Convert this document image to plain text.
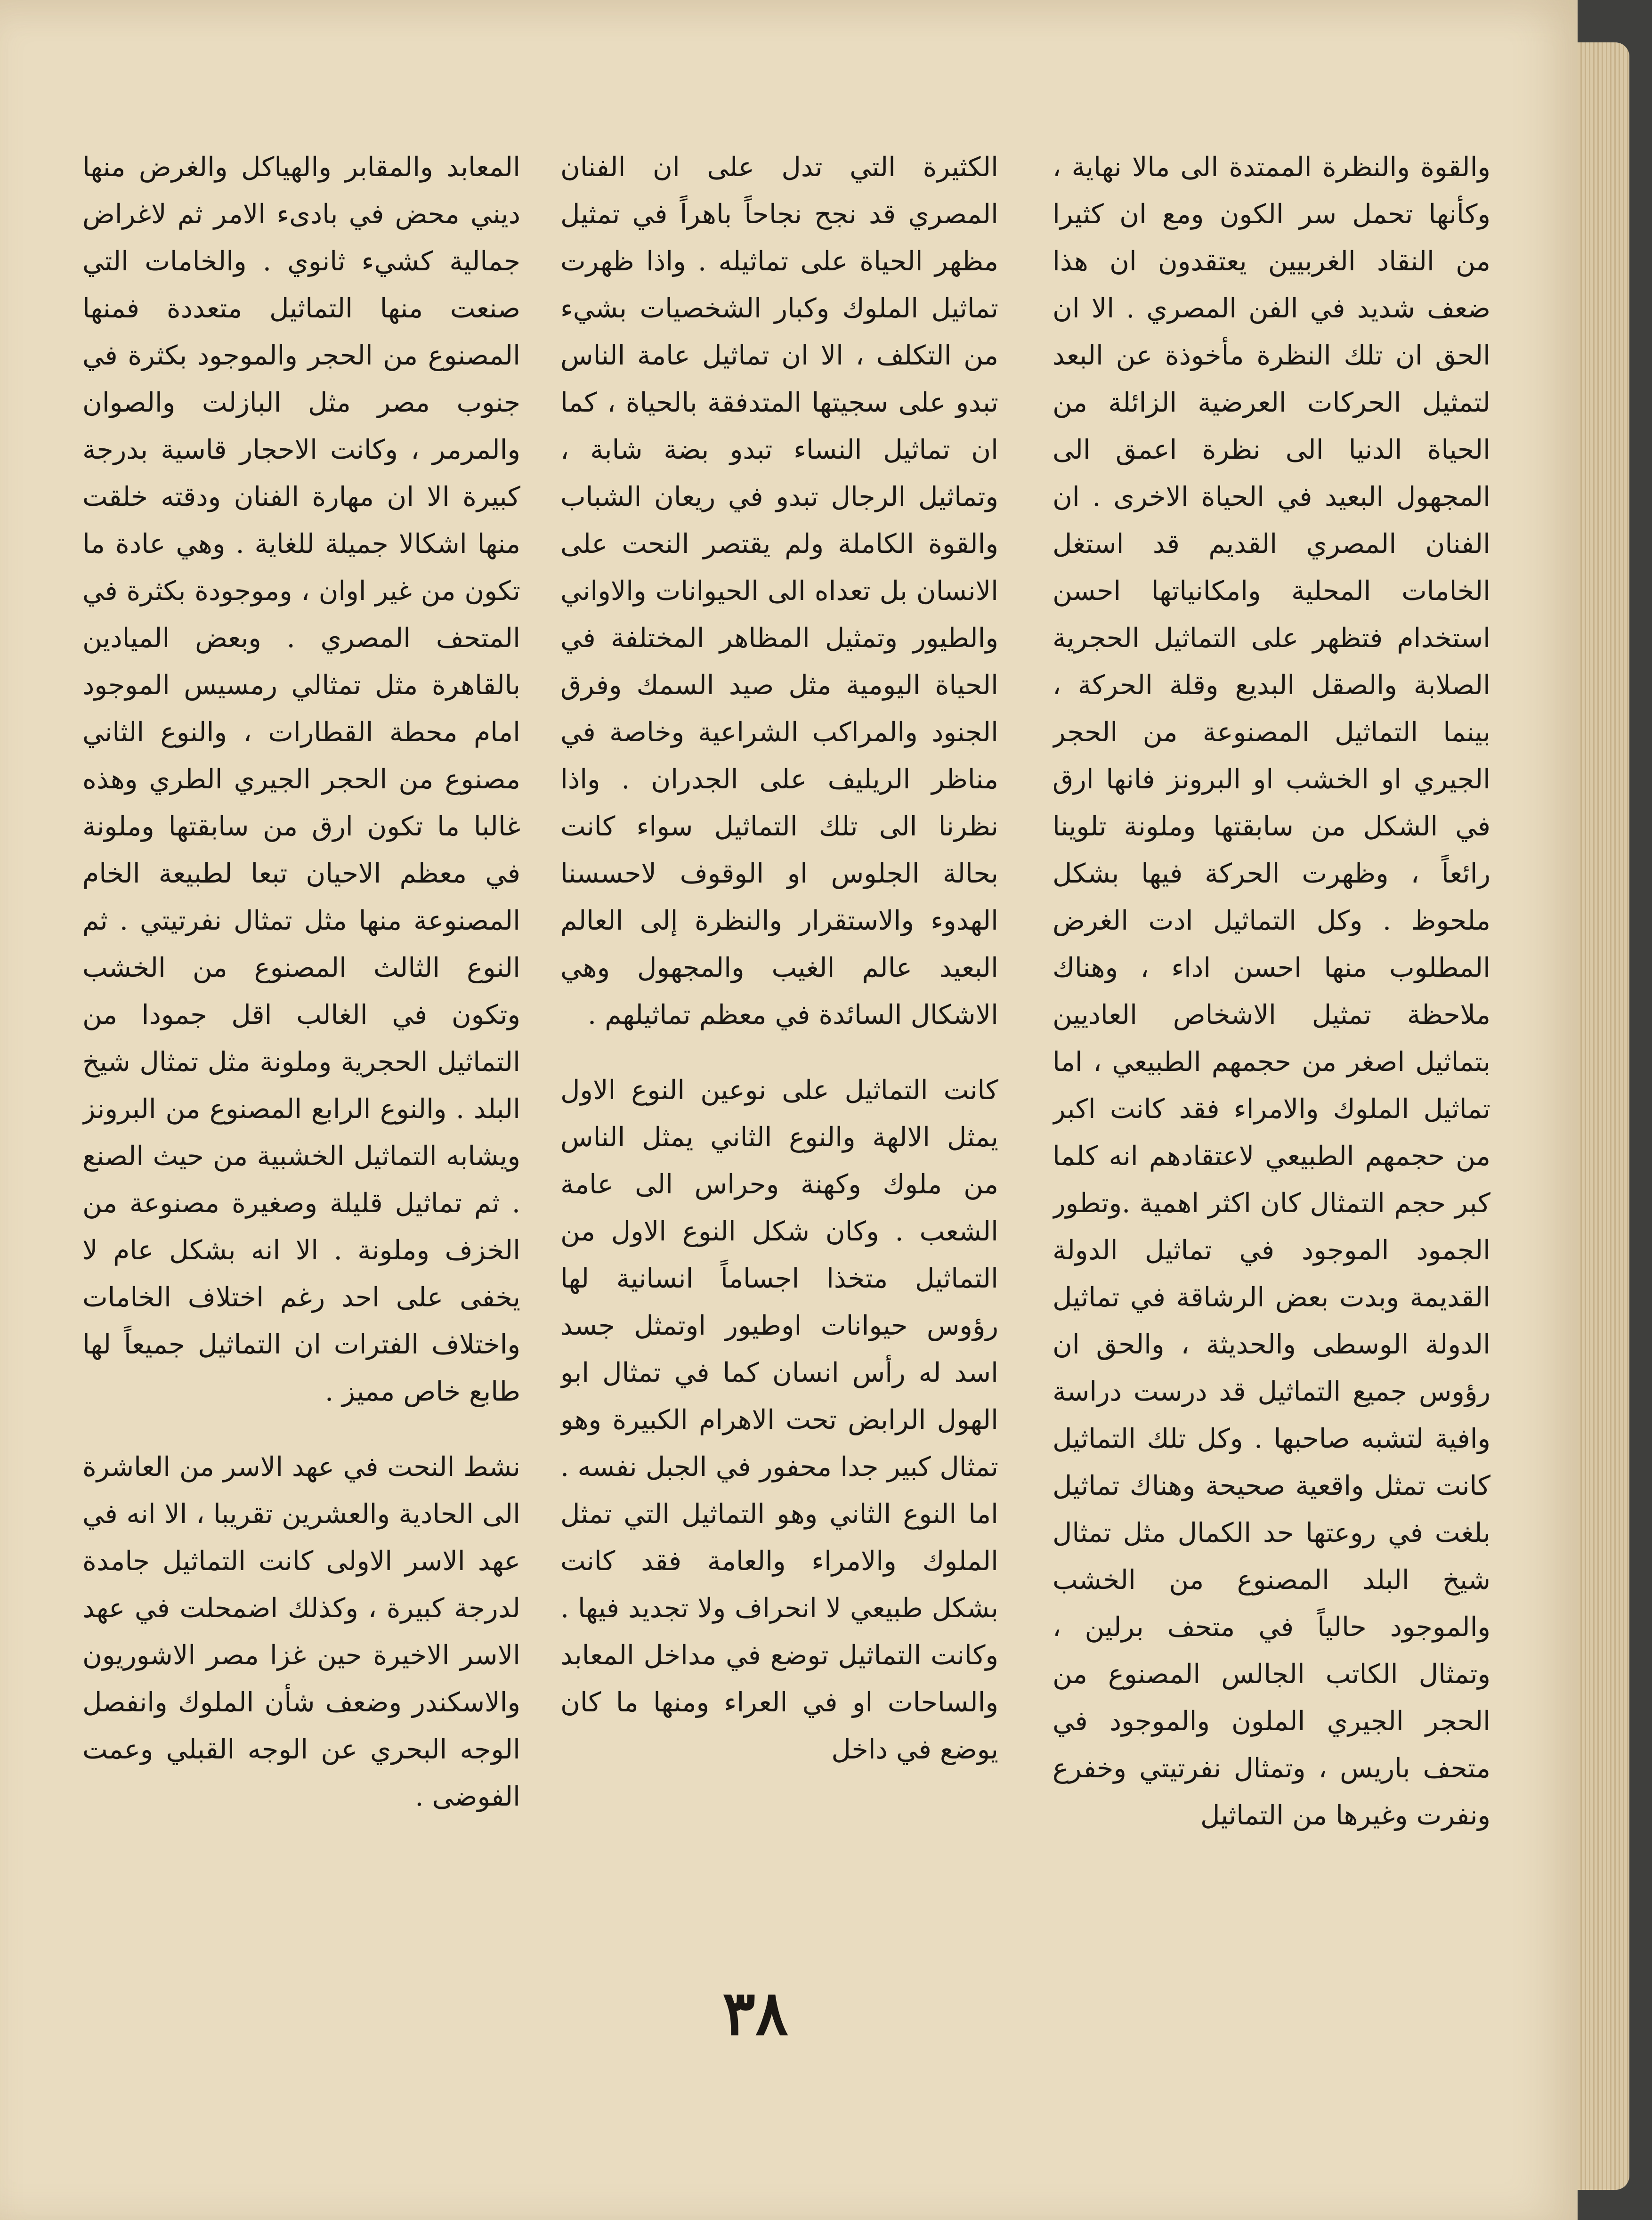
والقوة والنظرة الممتدة الى مالا نهاية ، وكأنها تحمل سر الكون ومع ان كثيرا من النقاد الغربيين يعتقدون ان هذا ضعف شديد في الفن المصري . الا ان الحق ان تلك النظرة مأخوذة عن البعد لتمثيل الحركات العرضية الزائلة من الحياة الدنيا الى نظرة اعمق الى المجهول البعيد في الحياة الاخرى . ان الفنان المصري القديم قد استغل الخامات المحلية وامكانياتها احسن استخدام فتظهر على التماثيل الحجرية الصلابة والصقل البديع وقلة الحركة ، بينما التماثيل المصنوعة من الحجر الجيري او الخشب او البرونز فانها ارق في الشكل من سابقتها وملونة تلوينا رائعاً ، وظهرت الحركة فيها بشكل ملحوظ . وكل التماثيل ادت الغرض المطلوب منها احسن اداء ، وهناك ملاحظة تمثيل الاشخاص العاديين بتماثيل اصغر من حجمهم الطبيعي ، اما تماثيل الملوك والامراء فقد كانت اكبر من حجمهم الطبيعي لاعتقادهم انه كلما كبر حجم التمثال كان اكثر اهمية .وتطور الجمود الموجود في تماثيل الدولة القديمة وبدت بعض الرشاقة في تماثيل الدولة الوسطى والحديثة ، والحق ان رؤوس جميع التماثيل قد درست دراسة وافية لتشبه صاحبها . وكل تلك التماثيل كانت تمثل واقعية صحيحة وهناك تماثيل بلغت في روعتها حد الكمال مثل تمثال شيخ البلد المصنوع من الخشب والموجود حالياً في متحف برلين ، وتمثال الكاتب الجالس المصنوع من الحجر الجيري الملون والموجود في متحف باريس ، وتمثال نفرتيتي وخفرع ونفرت وغيرها من التماثيل

الكثيرة التي تدل على ان الفنان المصري قد نجح نجاحاً باهراً في تمثيل مظهر الحياة على تماثيله . واذا ظهرت تماثيل الملوك وكبار الشخصيات بشيء من التكلف ، الا ان تماثيل عامة الناس تبدو على سجيتها المتدفقة بالحياة ، كما ان تماثيل النساء تبدو بضة شابة ، وتماثيل الرجال تبدو في ريعان الشباب والقوة الكاملة ولم يقتصر النحت على الانسان بل تعداه الى الحيوانات والاواني والطيور وتمثيل المظاهر المختلفة في الحياة اليومية مثل صيد السمك وفرق الجنود والمراكب الشراعية وخاصة في مناظر الريليف على الجدران . واذا نظرنا الى تلك التماثيل سواء كانت بحالة الجلوس او الوقوف لاحسسنا الهدوء والاستقرار والنظرة إلى العالم البعيد عالم الغيب والمجهول وهي الاشكال السائدة في معظم تماثيلهم .

كانت التماثيل على نوعين النوع الاول يمثل الالهة والنوع الثاني يمثل الناس من ملوك وكهنة وحراس الى عامة الشعب . وكان شكل النوع الاول من التماثيل متخذا اجساماً انسانية لها رؤوس حيوانات اوطيور اوتمثل جسد اسد له رأس انسان كما في تمثال ابو الهول الرابض تحت الاهرام الكبيرة وهو تمثال كبير جدا محفور في الجبل نفسه . اما النوع الثاني وهو التماثيل التي تمثل الملوك والامراء والعامة فقد كانت بشكل طبيعي لا انحراف ولا تجديد فيها . وكانت التماثيل توضع في مداخل المعابد والساحات او في العراء ومنها ما كان يوضع في داخل

المعابد والمقابر والهياكل والغرض منها ديني محض في بادىء الامر ثم لاغراض جمالية كشيء ثانوي . والخامات التي صنعت منها التماثيل متعددة فمنها المصنوع من الحجر والموجود بكثرة في جنوب مصر مثل البازلت والصوان والمرمر ، وكانت الاحجار قاسية بدرجة كبيرة الا ان مهارة الفنان ودقته خلقت منها اشكالا جميلة للغاية . وهي عادة ما تكون من غير اوان ، وموجودة بكثرة في المتحف المصري . وبعض الميادين بالقاهرة مثل تمثالي رمسيس الموجود امام محطة القطارات ، والنوع الثاني مصنوع من الحجر الجيري الطري وهذه غالبا ما تكون ارق من سابقتها وملونة في معظم الاحيان تبعا لطبيعة الخام المصنوعة منها مثل تمثال نفرتيتي . ثم النوع الثالث المصنوع من الخشب وتكون في الغالب اقل جمودا من التماثيل الحجرية وملونة مثل تمثال شيخ البلد . والنوع الرابع المصنوع من البرونز ويشابه التماثيل الخشبية من حيث الصنع . ثم تماثيل قليلة وصغيرة مصنوعة من الخزف وملونة . الا انه بشكل عام لا يخفى على احد رغم اختلاف الخامات واختلاف الفترات ان التماثيل جميعاً لها طابع خاص مميز .

نشط النحت في عهد الاسر من العاشرة الى الحادية والعشرين تقريبا ، الا انه في عهد الاسر الاولى كانت التماثيل جامدة لدرجة كبيرة ، وكذلك اضمحلت في عهد الاسر الاخيرة حين غزا مصر الاشوريون والاسكندر وضعف شأن الملوك وانفصل الوجه البحري عن الوجه القبلي وعمت الفوضى .

٣٨
